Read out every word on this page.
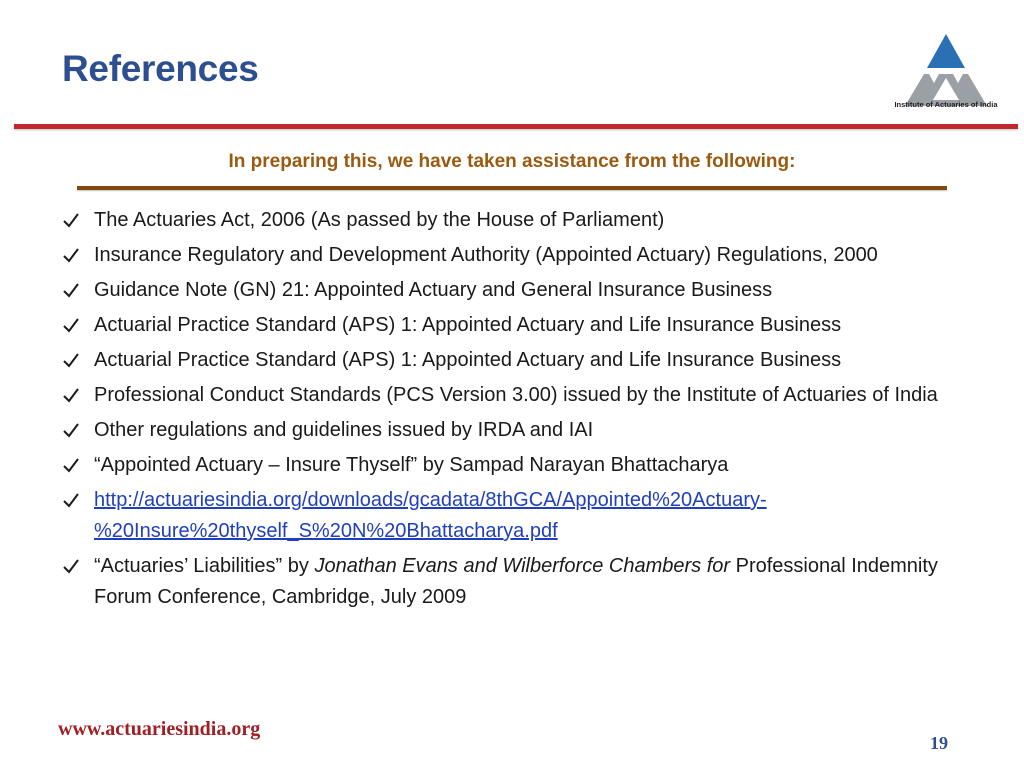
References
Institute of Actuaries of India
In preparing this, we have taken assistance from the following:
The Actuaries Act, 2006 (As passed by the House of Parliament)
Insurance Regulatory and Development Authority (Appointed Actuary) Regulations, 2000
Guidance Note (GN) 21: Appointed Actuary and General Insurance Business
Actuarial Practice Standard (APS) 1: Appointed Actuary and Life Insurance Business
Actuarial Practice Standard (APS) 1: Appointed Actuary and Life Insurance Business
Professional Conduct Standards (PCS Version 3.00) issued by the Institute of Actuaries of India
Other regulations and guidelines issued by IRDA and IAI
“Appointed Actuary – Insure Thyself” by Sampad Narayan Bhattacharya
http://actuariesindia.org/downloads/gcadata/8thGCA/Appointed%20Actuary-%20Insure%20thyself_S%20N%20Bhattacharya.pdf
“Actuaries’ Liabilities” by Jonathan Evans and Wilberforce Chambers for Professional Indemnity Forum Conference, Cambridge, July 2009
www.actuariesindia.org
19
